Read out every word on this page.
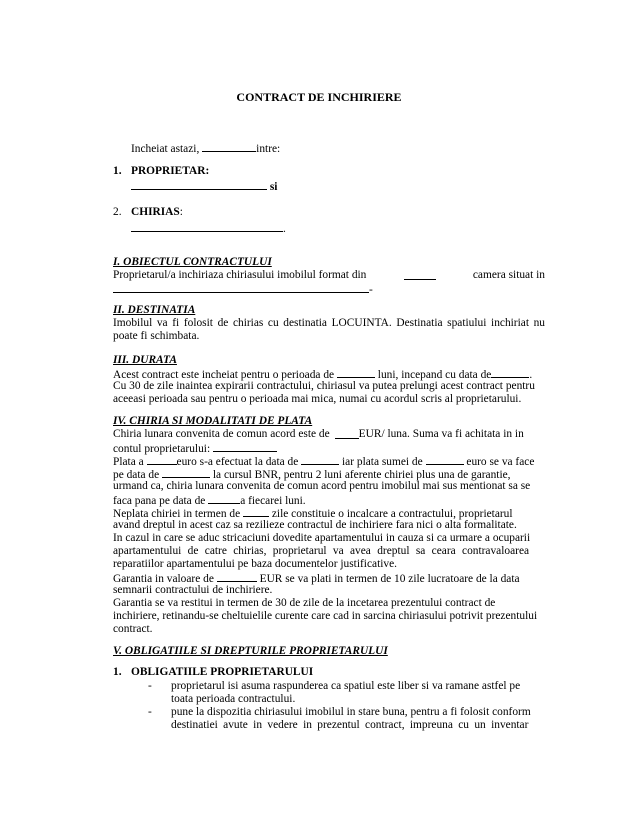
CONTRACT DE INCHIRIERE
Incheiat astazi,	intre:
1. PROPRIETAR:
si
2. CHIRIAS:
.
I. OBIECTUL CONTRACTULUI
Proprietarul/a inchiriaza chiriasului imobilul format din	camera situat in
-
II. DESTINATIA
Imobilul va fi folosit de chirias cu destinatia LOCUINTA. Destinatia spatiului inchiriat nu poate fi schimbata.
III. DURATA
Acest contract este incheiat pentru o perioada de	luni, incepand cu data de	.
Cu 30 de zile inaintea expirarii contractului, chiriasul va putea prelungi acest contract pentru
aceeasi perioada sau pentru o perioada mai mica, numai cu acordul scris al proprietarului.
IV. CHIRIA SI MODALITATI DE PLATA
Chiria lunara convenita de comun acord este de	EUR/ luna. Suma va fi achitata in in
contul proprietarului:
Plata a	euro s-a efectuat la data de	iar plata sumei de	euro se va face
pe data de	la cursul BNR, pentru 2 luni aferente chiriei plus una de garantie,
urmand ca, chiria lunara convenita de comun acord pentru imobilul mai sus mentionat sa se
faca pana pe data de	a fiecarei luni.
Neplata chiriei in termen de	zile constituie o incalcare a contractului, proprietarul
avand dreptul in acest caz sa rezilieze contractul de inchiriere fara nici o alta formalitate.
In cazul in care se aduc stricaciuni dovedite apartamentului in cauza si ca urmare a ocuparii
apartamentului de catre chirias, proprietarul va avea dreptul sa ceara contravaloarea
reparatiilor apartamentului pe baza documentelor justificative.
Garantia in valoare de	EUR se va plati in termen de 10 zile lucratoare de la data
semnarii contractului de inchiriere.
Garantia se va restitui in termen de 30 de zile de la incetarea prezentului contract de
inchiriere, retinandu-se cheltuielile curente care cad in sarcina chiriasului potrivit prezentului
contract.
V. OBLIGATIILE SI DREPTURILE PROPRIETARULUI
1. OBLIGATIILE PROPRIETARULUI
- proprietarul isi asuma raspunderea ca spatiul este liber si va ramane astfel pe
toata perioada contractului.
- pune la dispozitia chiriasului imobilul in stare buna, pentru a fi folosit conform
destinatiei avute in vedere in prezentul contract, impreuna cu un inventar
